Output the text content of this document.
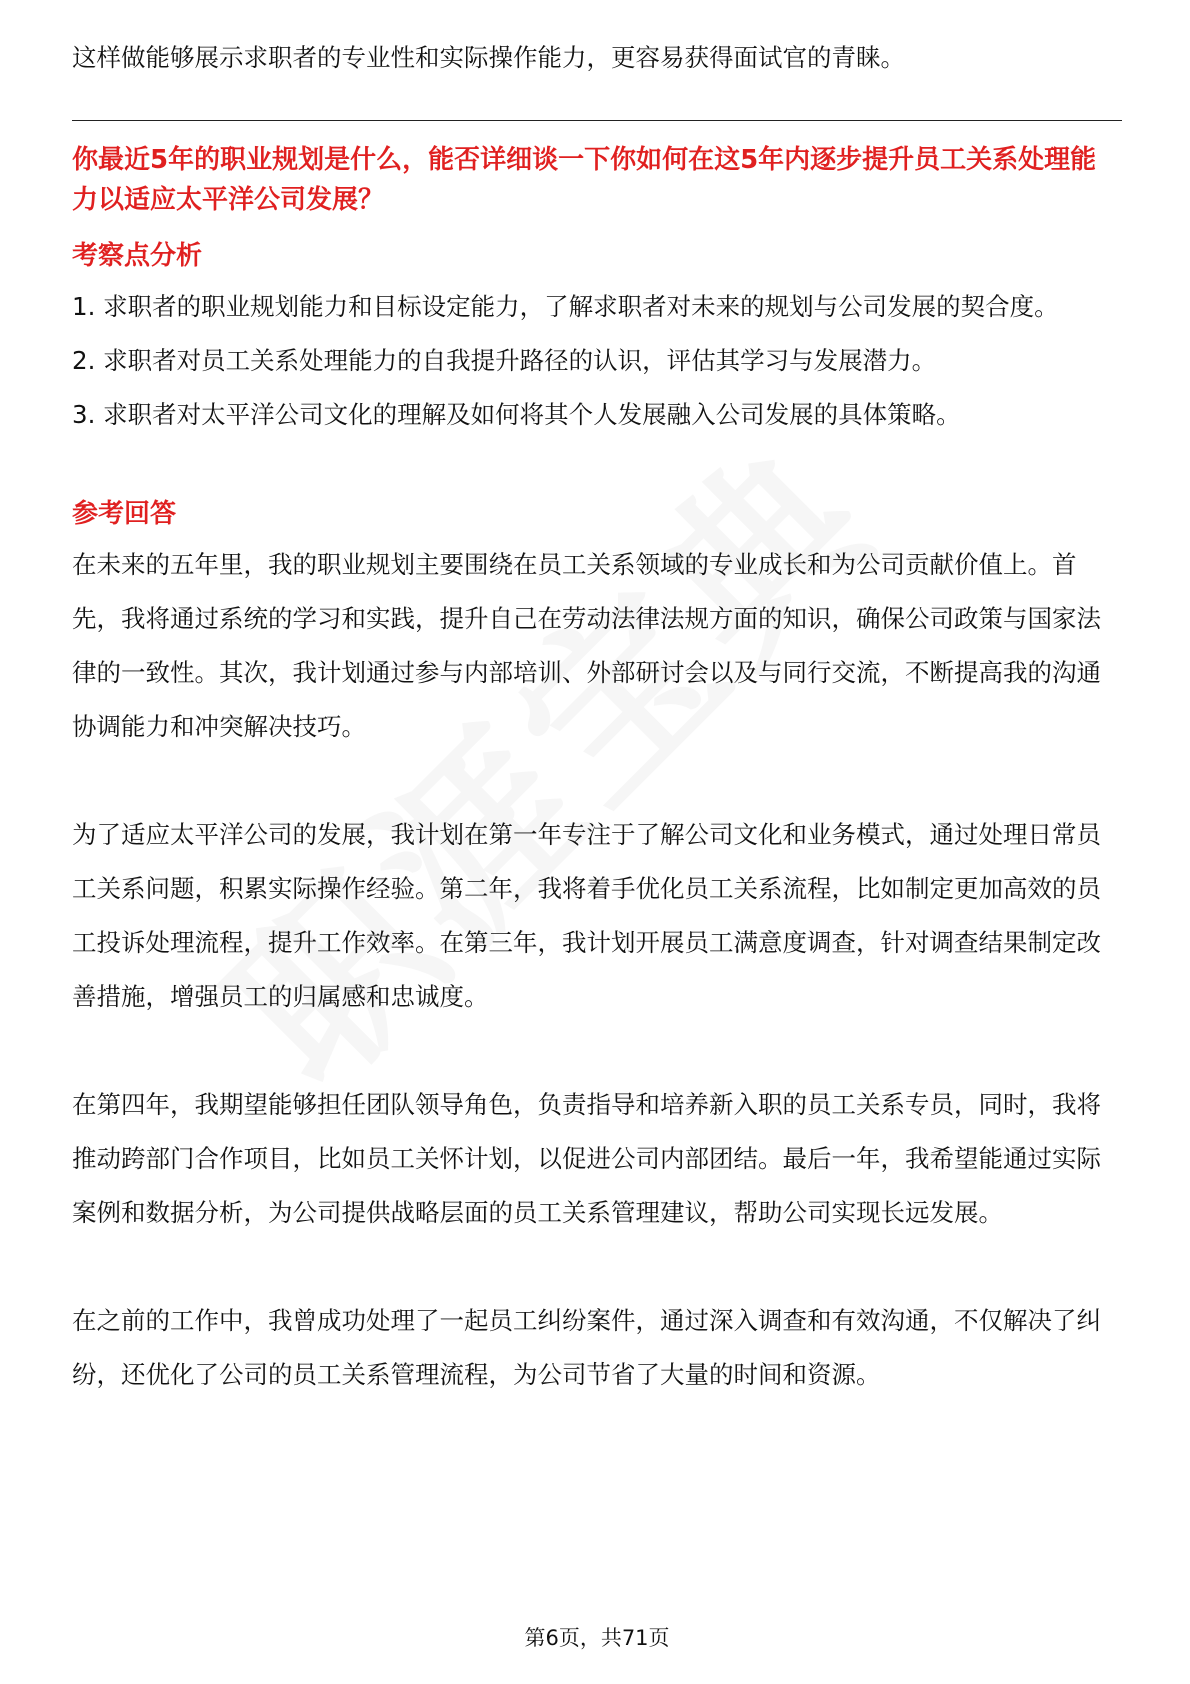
这样做能够展示求职者的专业性和实际操作能力，更容易获得面试官的青睐。

你最近5年的职业规划是什么，能否详细谈一下你如何在这5年内逐步提升员工关系处理能力以适应太平洋公司发展？

考察点分析

1. 求职者的职业规划能力和目标设定能力，了解求职者对未来的规划与公司发展的契合度。
2. 求职者对员工关系处理能力的自我提升路径的认识，评估其学习与发展潜力。
3. 求职者对太平洋公司文化的理解及如何将其个人发展融入公司发展的具体策略。

参考回答

在未来的五年里，我的职业规划主要围绕在员工关系领域的专业成长和为公司贡献价值上。首先，我将通过系统的学习和实践，提升自己在劳动法律法规方面的知识，确保公司政策与国家法律的一致性。其次，我计划通过参与内部培训、外部研讨会以及与同行交流，不断提高我的沟通协调能力和冲突解决技巧。

为了适应太平洋公司的发展，我计划在第一年专注于了解公司文化和业务模式，通过处理日常员工关系问题，积累实际操作经验。第二年，我将着手优化员工关系流程，比如制定更加高效的员工投诉处理流程，提升工作效率。在第三年，我计划开展员工满意度调查，针对调查结果制定改善措施，增强员工的归属感和忠诚度。

在第四年，我期望能够担任团队领导角色，负责指导和培养新入职的员工关系专员，同时，我将推动跨部门合作项目，比如员工关怀计划，以促进公司内部团结。最后一年，我希望能通过实际案例和数据分析，为公司提供战略层面的员工关系管理建议，帮助公司实现长远发展。

在之前的工作中，我曾成功处理了一起员工纠纷案件，通过深入调查和有效沟通，不仅解决了纠纷，还优化了公司的员工关系管理流程，为公司节省了大量的时间和资源。

第6页，共71页
